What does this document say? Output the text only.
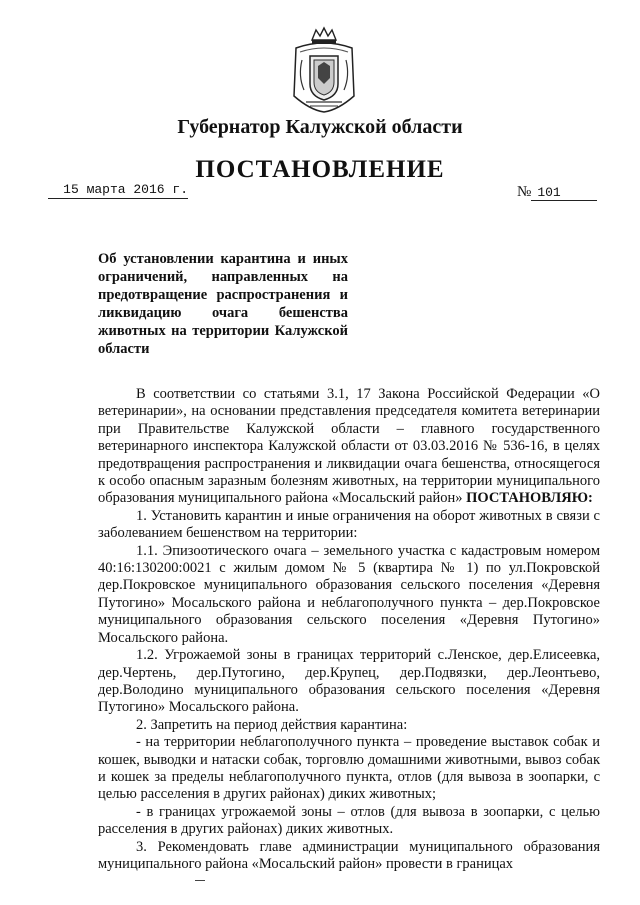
Губернатор Калужской области
ПОСТАНОВЛЕНИЕ
15 марта 2016 г.	№ 101
Об установлении карантина и иных ограничений, направленных на предотвращение распространения и ликвидацию очага бешенства животных на территории Калужской области

В соответствии со статьями 3.1, 17 Закона Российской Федерации «О ветеринарии», на основании представления председателя комитета ветеринарии при Правительстве Калужской области – главного государственного ветеринарного инспектора Калужской области от 03.03.2016 № 536-16, в целях предотвращения распространения и ликвидации очага бешенства, относящегося к особо опасным заразным болезням животных, на территории муниципального образования муниципального района «Мосальский район» ПОСТАНОВЛЯЮ:

1. Установить карантин и иные ограничения на оборот животных в связи с заболеванием бешенством на территории:

1.1. Эпизоотического очага – земельного участка с кадастровым номером 40:16:130200:0021 с жилым домом № 5 (квартира № 1) по ул.Покровской дер.Покровское муниципального образования сельского поселения «Деревня Путогино» Мосальского района и неблагополучного пункта – дер.Покровское муниципального образования сельского поселения «Деревня Путогино» Мосальского района.

1.2. Угрожаемой зоны в границах территорий с.Ленское, дер.Елисеевка, дер.Чертень, дер.Путогино, дер.Крупец, дер.Подвязки, дер.Леонтьево, дер.Володино муниципального образования сельского поселения «Деревня Путогино» Мосальского района.

2. Запретить на период действия карантина:

- на территории неблагополучного пункта – проведение выставок собак и кошек, выводки и натаски собак, торговлю домашними животными, вывоз собак и кошек за пределы неблагополучного пункта, отлов (для вывоза в зоопарки, с целью расселения в других районах) диких животных;

- в границах угрожаемой зоны – отлов (для вывоза в зоопарки, с целью расселения в других районах) диких животных.

3. Рекомендовать главе администрации муниципального образования муниципального района «Мосальский район» провести в границах
